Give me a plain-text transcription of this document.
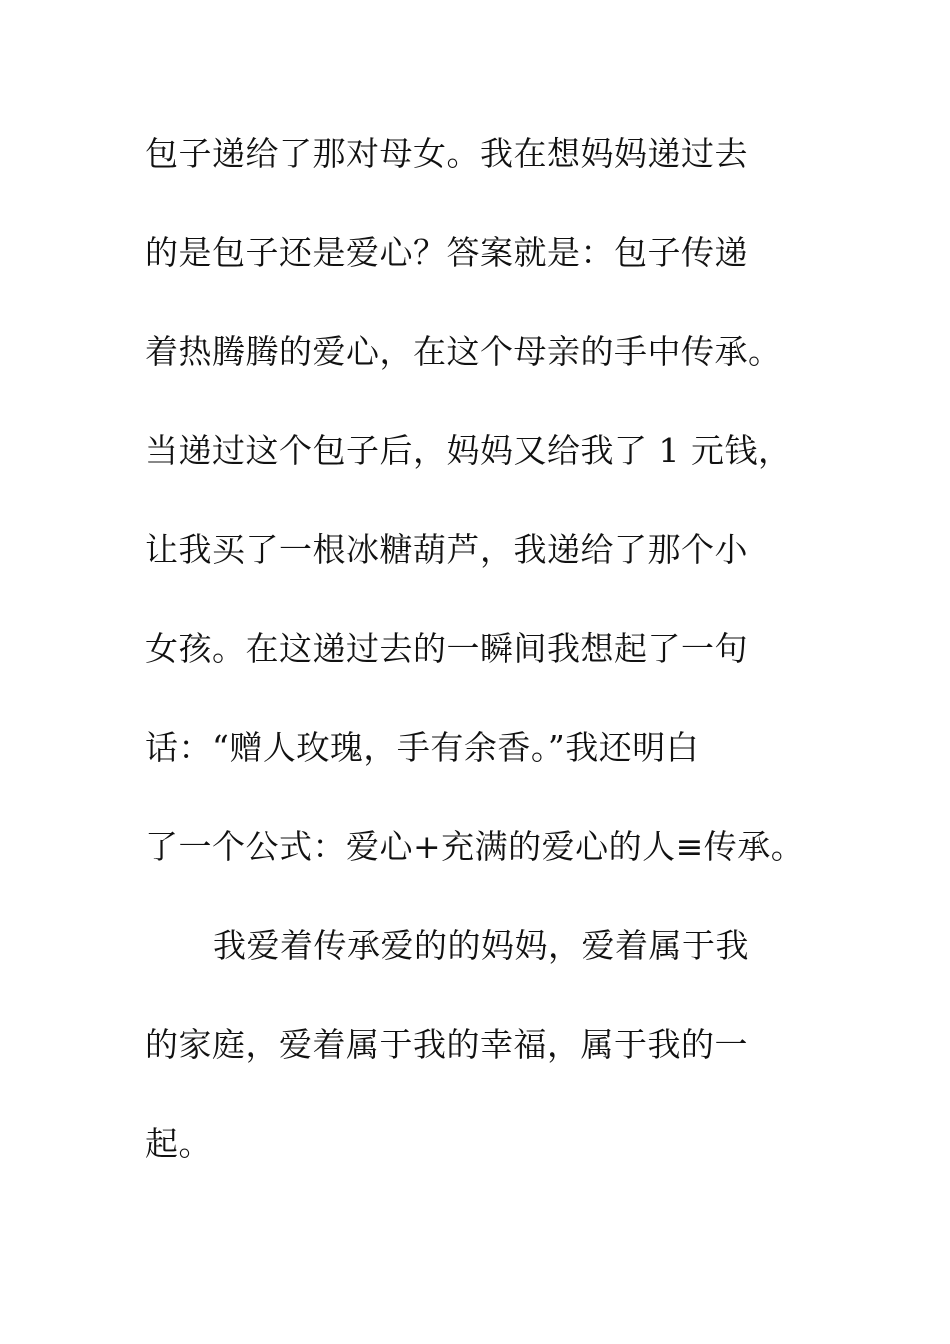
包子递给了那对母女。我在想妈妈递过去
的是包子还是爱心？答案就是：包子传递
着热腾腾的爱心，在这个母亲的手中传承。
当递过这个包子后，妈妈又给我了 1 元钱，
让我买了一根冰糖葫芦，我递给了那个小
女孩。在这递过去的一瞬间我想起了一句
话：“赠人玫瑰，手有余香。”我还明白
了一个公式：爱心+充满的爱心的人≡传承。
我爱着传承爱的的妈妈，爱着属于我
的家庭，爱着属于我的幸福，属于我的一
起。
